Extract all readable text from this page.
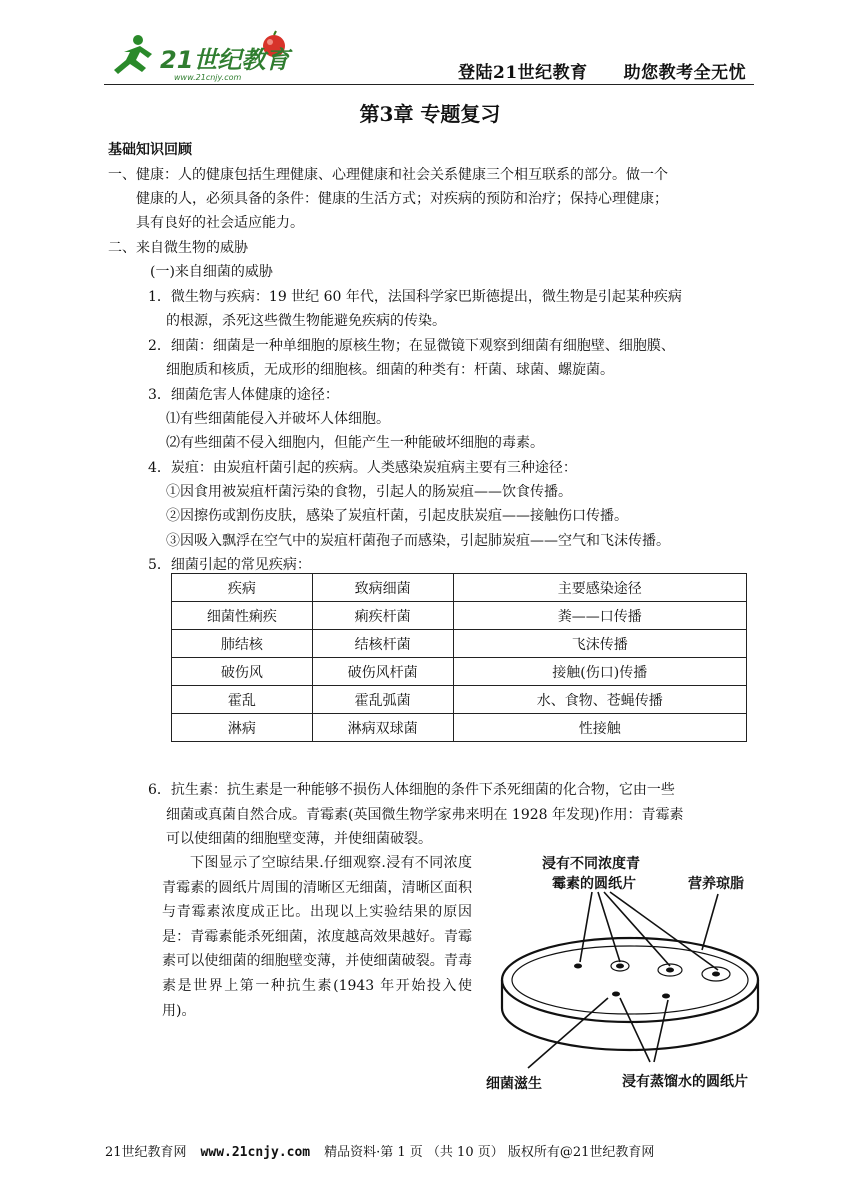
21世纪教育
www.21cnjy.com	登陆21世纪教育 助您教考全无忧
第3章 专题复习
基础知识回顾
一、健康：人的健康包括生理健康、心理健康和社会关系健康三个相互联系的部分。做一个
健康的人，必须具备的条件：健康的生活方式；对疾病的预防和治疗；保持心理健康；
具有良好的社会适应能力。
二、来自微生物的威胁
(一)来自细菌的威胁
1．微生物与疾病：19 世纪 60 年代，法国科学家巴斯德提出，微生物是引起某种疾病
的根源，杀死这些微生物能避免疾病的传染。
2．细菌：细菌是一种单细胞的原核生物；在显微镜下观察到细菌有细胞壁、细胞膜、
细胞质和核质，无成形的细胞核。细菌的种类有：杆菌、球菌、螺旋菌。
3．细菌危害人体健康的途径：
⑴有些细菌能侵入并破坏人体细胞。
⑵有些细菌不侵入细胞内，但能产生一种能破坏细胞的毒素。
4．炭疽：由炭疽杆菌引起的疾病。人类感染炭疽病主要有三种途径：
①因食用被炭疽杆菌污染的食物，引起人的肠炭疽——饮食传播。
②因擦伤或割伤皮肤，感染了炭疽杆菌，引起皮肤炭疽——接触伤口传播。
③因吸入飘浮在空气中的炭疽杆菌孢子而感染，引起肺炭疽——空气和飞沫传播。
5．细菌引起的常见疾病：
6．抗生素：抗生素是一种能够不损伤人体细胞的条件下杀死细菌的化合物，它由一些
细菌或真菌自然合成。青霉素(英国微生物学家弗来明在 1928 年发现)作用：青霉素
可以使细菌的细胞壁变薄，并使细菌破裂。
疾病	致病细菌	主要感染途径
细菌性痢疾	痢疾杆菌	粪——口传播
肺结核	结核杆菌	飞沫传播
破伤风	破伤风杆菌	接触(伤口)传播
霍乱	霍乱弧菌	水、食物、苍蝇传播
淋病	淋病双球菌	性接触
下图显示了空晾结果.仔细观察.浸有不同浓度青霉素的圆纸片周围的清晰区无细菌，清晰区面积与青霉素浓度成正比。出现以上实验结果的原因是：青霉素能杀死细菌，浓度越高效果越好。青霉素可以使细菌的细胞壁变薄，并使细菌破裂。青毒素是世界上第一种抗生素(1943 年开始投入使用)。
浸有不同浓度青
霉素的圆纸片	营养琼脂
细菌滋生	浸有蒸馏水的圆纸片
21世纪教育网 www.21cnjy.com 精品资料·第 1 页 （共 10 页） 版权所有@21世纪教育网
